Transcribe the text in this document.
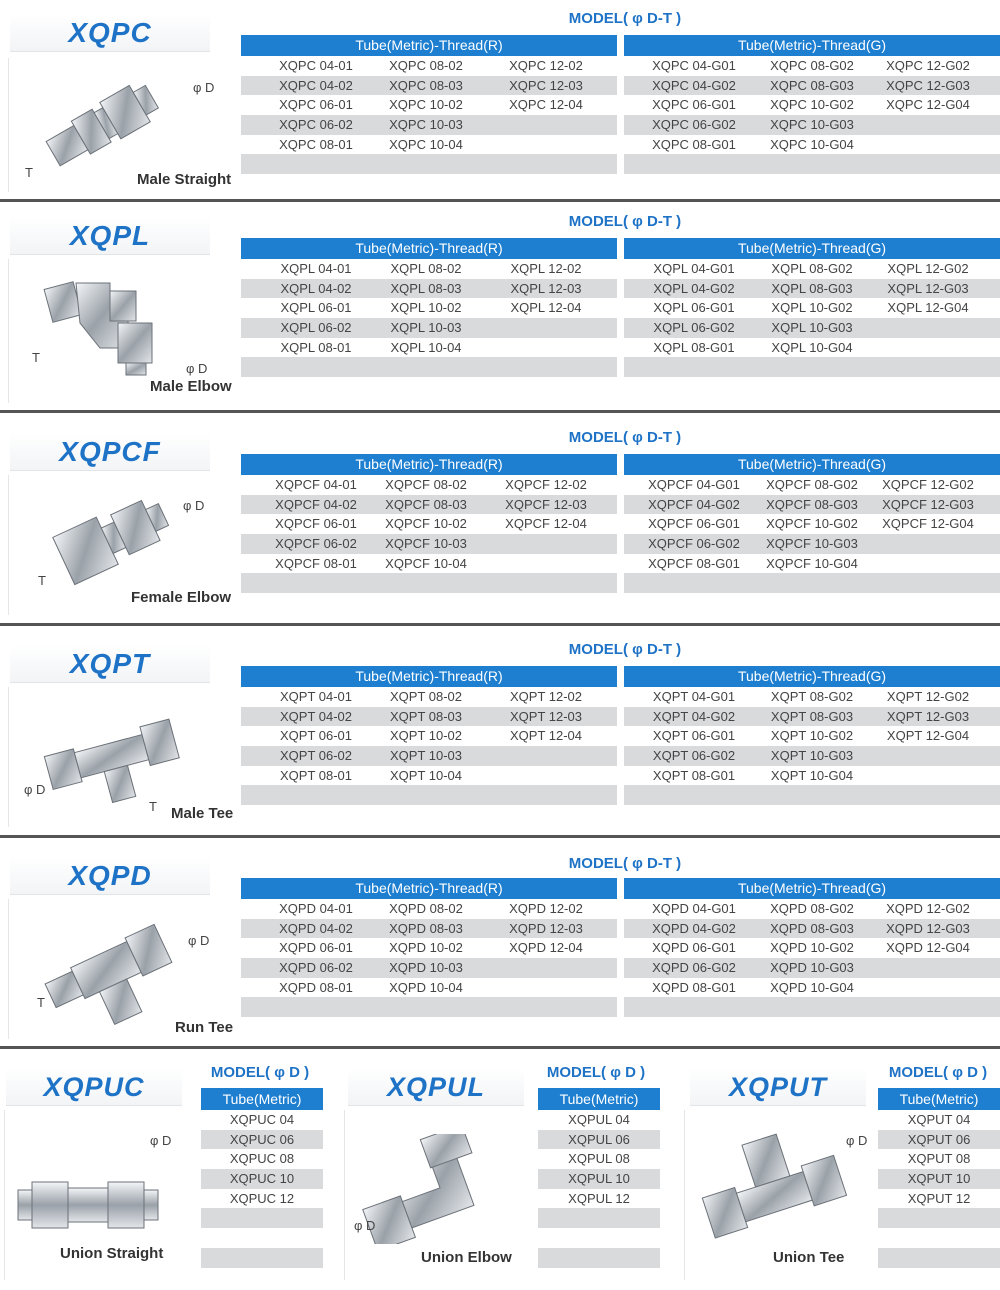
XQPC
φ D
T	Male Straight
MODEL( φ D-T )
Tube(Metric)-Thread(R)
XQPC 04-01	XQPC 08-02	XQPC 12-02
XQPC 04-02	XQPC 08-03	XQPC 12-03
XQPC 06-01	XQPC 10-02	XQPC 12-04
XQPC 06-02	XQPC 10-03
XQPC 08-01	XQPC 10-04
Tube(Metric)-Thread(G)
XQPC 04-G01	XQPC 08-G02	XQPC 12-G02
XQPC 04-G02	XQPC 08-G03	XQPC 12-G03
XQPC 06-G01	XQPC 10-G02	XQPC 12-G04
XQPC 06-G02	XQPC 10-G03
XQPC 08-G01	XQPC 10-G04
XQPL
T
φ D
Male Elbow
MODEL( φ D-T )
Tube(Metric)-Thread(R)
XQPL 04-01	XQPL 08-02	XQPL 12-02
XQPL 04-02	XQPL 08-03	XQPL 12-03
XQPL 06-01	XQPL 10-02	XQPL 12-04
XQPL 06-02	XQPL 10-03
XQPL 08-01	XQPL 10-04
Tube(Metric)-Thread(G)
XQPL 04-G01	XQPL 08-G02	XQPL 12-G02
XQPL 04-G02	XQPL 08-G03	XQPL 12-G03
XQPL 06-G01	XQPL 10-G02	XQPL 12-G04
XQPL 06-G02	XQPL 10-G03
XQPL 08-G01	XQPL 10-G04
XQPCF
φ D
T
Female Elbow
MODEL( φ D-T )
Tube(Metric)-Thread(R)
XQPCF 04-01	XQPCF 08-02	XQPCF 12-02
XQPCF 04-02	XQPCF 08-03	XQPCF 12-03
XQPCF 06-01	XQPCF 10-02	XQPCF 12-04
XQPCF 06-02	XQPCF 10-03
XQPCF 08-01	XQPCF 10-04
Tube(Metric)-Thread(G)
XQPCF 04-G01	XQPCF 08-G02	XQPCF 12-G02
XQPCF 04-G02	XQPCF 08-G03	XQPCF 12-G03
XQPCF 06-G01	XQPCF 10-G02	XQPCF 12-G04
XQPCF 06-G02	XQPCF 10-G03
XQPCF 08-G01	XQPCF 10-G04
XQPT
φ D
T Male Tee
MODEL( φ D-T )
Tube(Metric)-Thread(R)
XQPT 04-01	XQPT 08-02	XQPT 12-02
XQPT 04-02	XQPT 08-03	XQPT 12-03
XQPT 06-01	XQPT 10-02	XQPT 12-04
XQPT 06-02	XQPT 10-03
XQPT 08-01	XQPT 10-04
Tube(Metric)-Thread(G)
XQPT 04-G01	XQPT 08-G02	XQPT 12-G02
XQPT 04-G02	XQPT 08-G03	XQPT 12-G03
XQPT 06-G01	XQPT 10-G02	XQPT 12-G04
XQPT 06-G02	XQPT 10-G03
XQPT 08-G01	XQPT 10-G04
XQPD
φ D
T
Run Tee
MODEL( φ D-T )
Tube(Metric)-Thread(R)
XQPD 04-01	XQPD 08-02	XQPD 12-02
XQPD 04-02	XQPD 08-03	XQPD 12-03
XQPD 06-01	XQPD 10-02	XQPD 12-04
XQPD 06-02	XQPD 10-03
XQPD 08-01	XQPD 10-04
Tube(Metric)-Thread(G)
XQPD 04-G01	XQPD 08-G02	XQPD 12-G02
XQPD 04-G02	XQPD 08-G03	XQPD 12-G03
XQPD 06-G01	XQPD 10-G02	XQPD 12-G04
XQPD 06-G02	XQPD 10-G03
XQPD 08-G01	XQPD 10-G04
XQPUC
φ D
Union Straight
MODEL( φ D )
Tube(Metric)
XQPUC 04
XQPUC 06
XQPUC 08
XQPUC 10
XQPUC 12
XQPUL
φ D
Union Elbow
MODEL( φ D )
Tube(Metric)
XQPUL 04
XQPUL 06
XQPUL 08
XQPUL 10
XQPUL 12
XQPUT
φ D
Union Tee
MODEL( φ D )
Tube(Metric)
XQPUT 04
XQPUT 06
XQPUT 08
XQPUT 10
XQPUT 12
